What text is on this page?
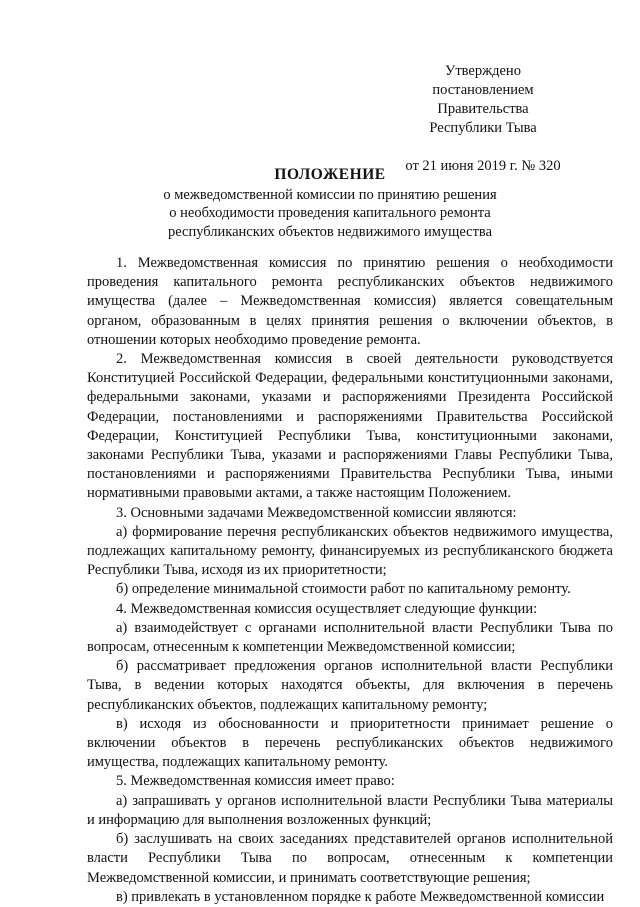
Утверждено
постановлением Правительства
Республики Тыва
от 21 июня 2019 г. № 320
ПОЛОЖЕНИЕ
о межведомственной комиссии по принятию решения
о необходимости проведения капитального ремонта
республиканских объектов недвижимого имущества

1. Межведомственная комиссия по принятию решения о необходимости проведения капитального ремонта республиканских объектов недвижимого имущества (далее – Межведомственная комиссия) является совещательным органом, образованным в целях принятия решения о включении объектов, в отношении которых необходимо проведение ремонта.

2. Межведомственная комиссия в своей деятельности руководствуется Конституцией Российской Федерации, федеральными конституционными законами, федеральными законами, указами и распоряжениями Президента Российской Федерации, постановлениями и распоряжениями Правительства Российской Федерации, Конституцией Республики Тыва, конституционными законами, законами Республики Тыва, указами и распоряжениями Главы Республики Тыва, постановлениями и распоряжениями Правительства Республики Тыва, иными нормативными правовыми актами, а также настоящим Положением.

3. Основными задачами Межведомственной комиссии являются:

а) формирование перечня республиканских объектов недвижимого имущества, подлежащих капитальному ремонту, финансируемых из республиканского бюджета Республики Тыва, исходя из их приоритетности;

б) определение минимальной стоимости работ по капитальному ремонту.

4. Межведомственная комиссия осуществляет следующие функции:

а) взаимодействует с органами исполнительной власти Республики Тыва по вопросам, отнесенным к компетенции Межведомственной комиссии;

б) рассматривает предложения органов исполнительной власти Республики Тыва, в ведении которых находятся объекты, для включения в перечень республиканских объектов, подлежащих капитальному ремонту;

в) исходя из обоснованности и приоритетности принимает решение о включении объектов в перечень республиканских объектов недвижимого имущества, подлежащих капитальному ремонту.

5. Межведомственная комиссия имеет право:

а) запрашивать у органов исполнительной власти Республики Тыва материалы и информацию для выполнения возложенных функций;

б) заслушивать на своих заседаниях представителей органов исполнительной власти Республики Тыва по вопросам, отнесенным к компетенции Межведомственной комиссии, и принимать соответствующие решения;

в) привлекать в установленном порядке к работе Межведомственной комиссии
